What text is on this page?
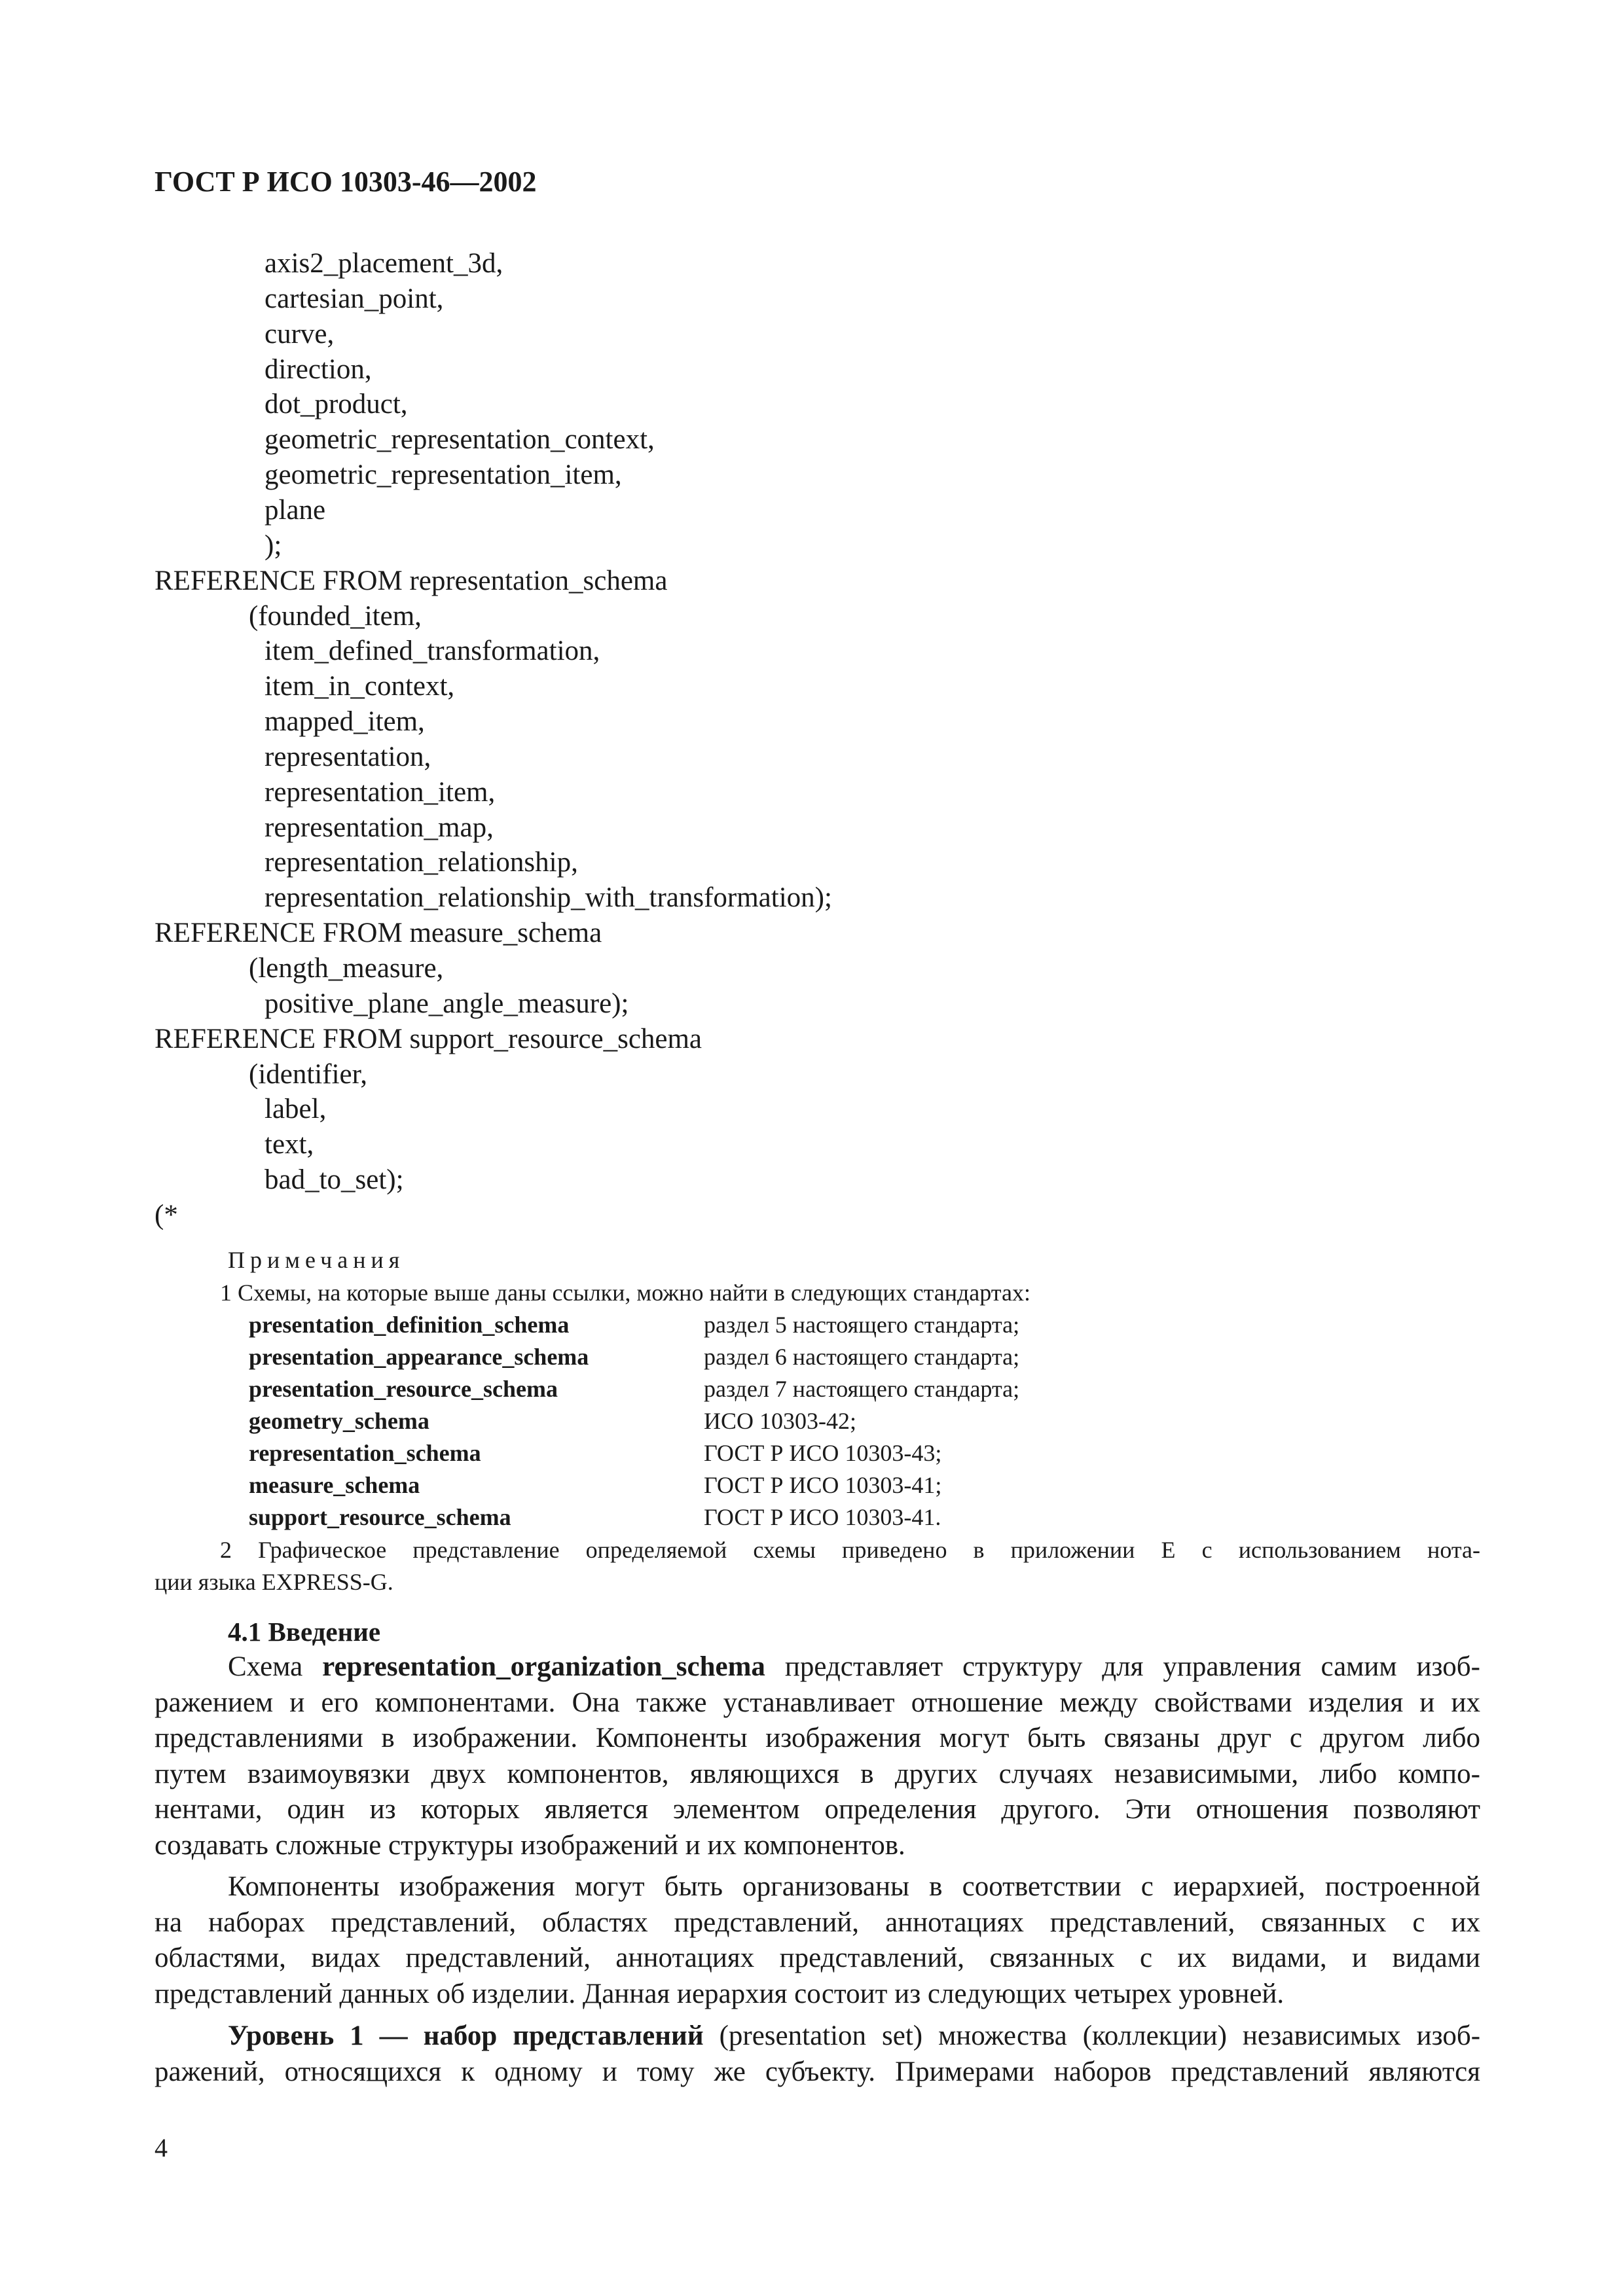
ГОСТ Р ИСО 10303-46—2002
axis2_placement_3d,
cartesian_point,
curve,
direction,
dot_product,
geometric_representation_context,
geometric_representation_item,
plane
);
REFERENCE FROM representation_schema
(founded_item,
item_defined_transformation,
item_in_context,
mapped_item,
representation,
representation_item,
representation_map,
representation_relationship,
representation_relationship_with_transformation);
REFERENCE FROM measure_schema
(length_measure,
positive_plane_angle_measure);
REFERENCE FROM support_resource_schema
(identifier,
label,
text,
bad_to_set);
(*
Примечания
1 Схемы, на которые выше даны ссылки, можно найти в следующих стандартах:
presentation_definition_schema	раздел 5 настоящего стандарта;
presentation_appearance_schema	раздел 6 настоящего стандарта;
presentation_resource_schema	раздел 7 настоящего стандарта;
geometry_schema	ИСО 10303-42;
representation_schema	ГОСТ Р ИСО 10303-43;
measure_schema	ГОСТ Р ИСО 10303-41;
support_resource_schema	ГОСТ Р ИСО 10303-41.
2 Графическое представление определяемой схемы приведено в приложении Е с использованием нота-
ции языка EXPRESS-G.
4.1 Введение
Схема representation_organization_schema представляет структуру для управления самим изоб-
ражением и его компонентами. Она также устанавливает отношение между свойствами изделия и их
представлениями в изображении. Компоненты изображения могут быть связаны друг с другом либо
путем взаимоувязки двух компонентов, являющихся в других случаях независимыми, либо компо-
нентами, один из которых является элементом определения другого. Эти отношения позволяют
создавать сложные структуры изображений и их компонентов.
Компоненты изображения могут быть организованы в соответствии с иерархией, построенной
на наборах представлений, областях представлений, аннотациях представлений, связанных с их
областями, видах представлений, аннотациях представлений, связанных с их видами, и видами
представлений данных об изделии. Данная иерархия состоит из следующих четырех уровней.
Уровень 1 — набор представлений (presentation set) множества (коллекции) независимых изоб-
ражений, относящихся к одному и тому же субъекту. Примерами наборов представлений являются
4
